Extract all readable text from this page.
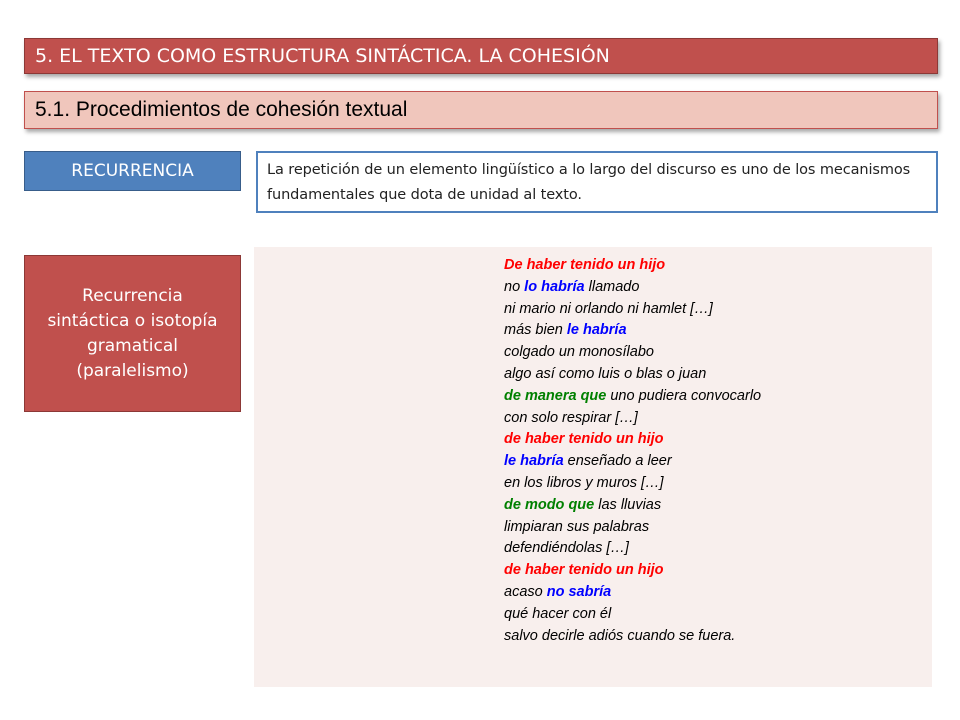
5. EL TEXTO COMO ESTRUCTURA SINTÁCTICA. LA COHESIÓN
5.1. Procedimientos de cohesión textual
RECURRENCIA	La repetición de un elemento lingüístico a lo largo del discurso es uno de los mecanismos fundamentales que dota de unidad al texto.
Recurrencia
sintáctica o isotopía
gramatical
(paralelismo)
De haber tenido un hijo
no lo habría llamado
ni mario ni orlando ni hamlet […]
más bien le habría
colgado un monosílabo
algo así como luis o blas o juan
de manera que uno pudiera convocarlo
con solo respirar […]
de haber tenido un hijo
le habría enseñado a leer
en los libros y muros […]
de modo que las lluvias
limpiaran sus palabras
defendiéndolas […]
de haber tenido un hijo
acaso no sabría
qué hacer con él
salvo decirle adiós cuando se fuera.
